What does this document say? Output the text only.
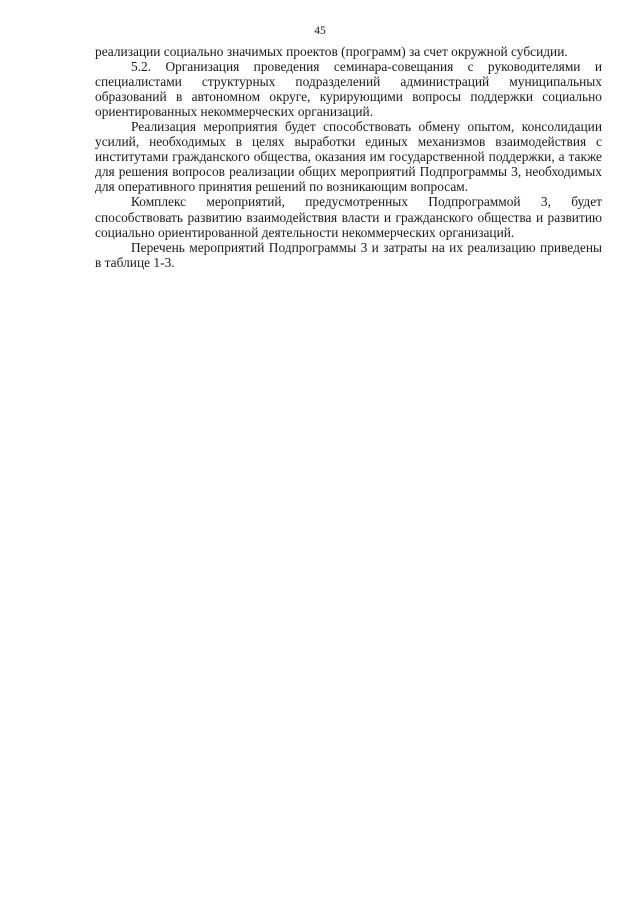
45

реализации социально значимых проектов (программ) за счет окружной субсидии.

5.2. Организация проведения семинара-совещания с руководителями и специалистами структурных подразделений администраций муниципальных образований в автономном округе, курирующими вопросы поддержки социально ориентированных некоммерческих организаций.

Реализация мероприятия будет способствовать обмену опытом, консолидации усилий, необходимых в целях выработки единых механизмов взаимодействия с институтами гражданского общества, оказания им государственной поддержки, а также для решения вопросов реализации общих мероприятий Подпрограммы 3, необходимых для оперативного принятия решений по возникающим вопросам.

Комплекс мероприятий, предусмотренных Подпрограммой 3, будет способствовать развитию взаимодействия власти и гражданского общества и развитию социально ориентированной деятельности некоммерческих организаций.

Перечень мероприятий Подпрограммы 3 и затраты на их реализацию приведены в таблице 1-3.
